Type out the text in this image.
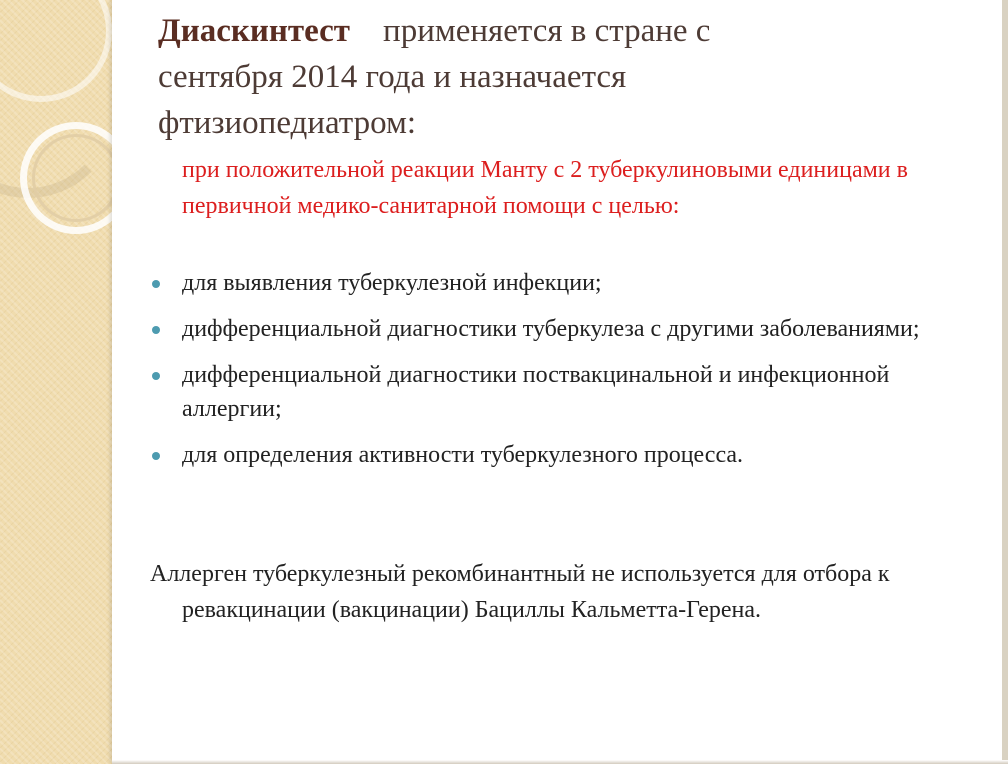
Диаскинтест применяется в стране с
сентября 2014 года и назначается
фтизиопедиатром:

при положительной реакции Манту с 2 туберкулиновыми единицами в первичной медико-санитарной помощи с целью:

для выявления туберкулезной инфекции;
дифференциальной диагностики туберкулеза с другими заболеваниями;
дифференциальной диагностики поствакцинальной и инфекционной аллергии;
для определения активности туберкулезного процесса.

Аллерген туберкулезный рекомбинантный не используется для отбора к ревакцинации (вакцинации) Бациллы Кальметта-Герена.
